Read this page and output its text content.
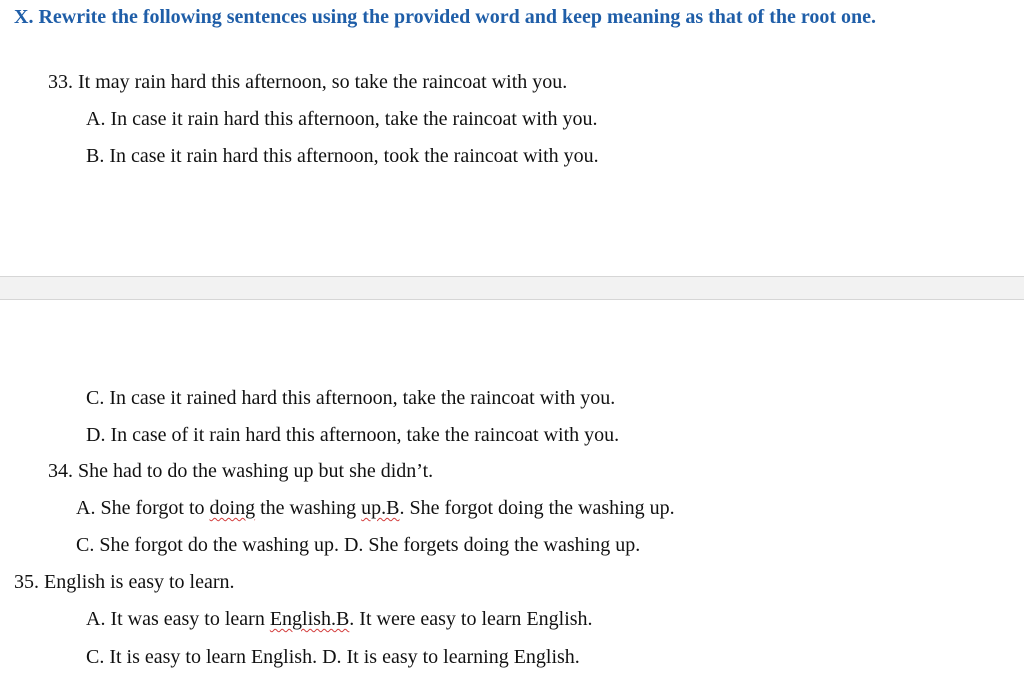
X. Rewrite the following sentences using the provided word and keep meaning as that of the root one.
33. It may rain hard this afternoon, so take the raincoat with you.
A. In case it rain hard this afternoon, take the raincoat with you.
B. In case it rain hard this afternoon, took the raincoat with you.
C. In case it rained hard this afternoon, take the raincoat with you.
D. In case of it rain hard this afternoon, take the raincoat with you.
34. She had to do the washing up but she didn’t.
A. She forgot to doing the washing up.B. She forgot doing the washing up.
C. She forgot do the washing up. D. She forgets doing the washing up.
35. English is easy to learn.
A. It was easy to learn English.B. It were easy to learn English.
C. It is easy to learn English. D. It is easy to learning English.
